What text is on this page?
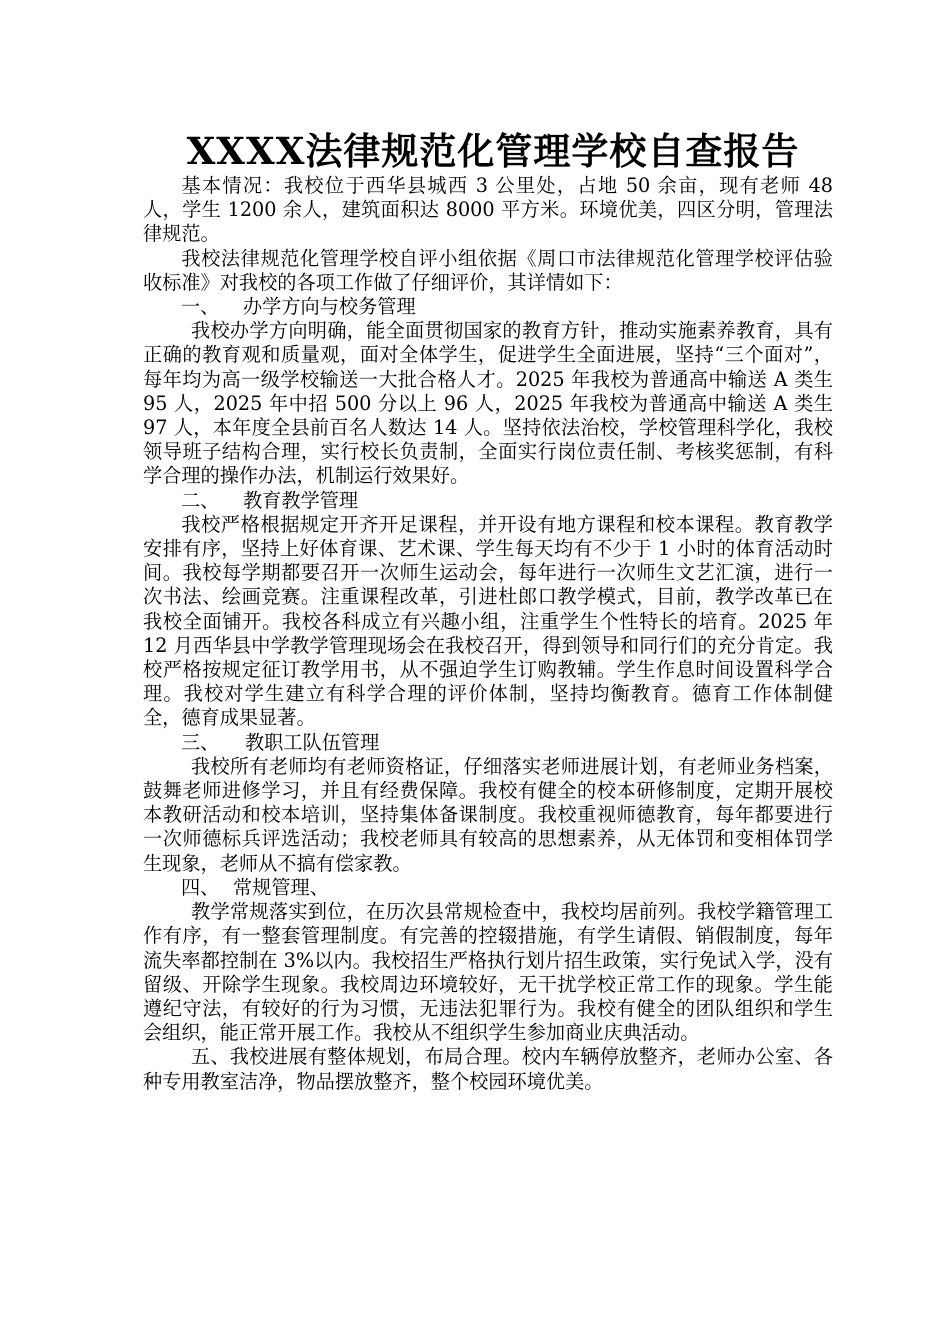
XXXX法律规范化管理学校自查报告

基本情况：我校位于西华县城西 3 公里处，占地 50 余亩，现有老师 48 人，学生 1200 余人，建筑面积达 8000 平方米。环境优美，四区分明，管理法律规范。

我校法律规范化管理学校自评小组依据《周口市法律规范化管理学校评估验收标准》对我校的各项工作做了仔细评价，其详情如下：

一、 办学方向与校务管理

我校办学方向明确，能全面贯彻国家的教育方针，推动实施素养教育，具有正确的教育观和质量观，面对全体学生，促进学生全面进展，坚持“三个面对”，每年均为高一级学校输送一大批合格人才。2025 年我校为普通高中输送 A 类生 95 人，2025 年中招 500 分以上 96 人，2025 年我校为普通高中输送 A 类生 97 人，本年度全县前百名人数达 14 人。坚持依法治校，学校管理科学化，我校领导班子结构合理，实行校长负责制，全面实行岗位责任制、考核奖惩制，有科学合理的操作办法，机制运行效果好。

二、 教育教学管理

我校严格根据规定开齐开足课程，并开设有地方课程和校本课程。教育教学安排有序，坚持上好体育课、艺术课、学生每天均有不少于 1 小时的体育活动时间。我校每学期都要召开一次师生运动会，每年进行一次师生文艺汇演，进行一次书法、绘画竞赛。注重课程改革，引进杜郎口教学模式，目前，教学改革已在我校全面铺开。我校各科成立有兴趣小组，注重学生个性特长的培育。2025 年 12 月西华县中学教学管理现场会在我校召开，得到领导和同行们的充分肯定。我校严格按规定征订教学用书，从不强迫学生订购教辅。学生作息时间设置科学合理。我校对学生建立有科学合理的评价体制，坚持均衡教育。德育工作体制健全，德育成果显著。

三、 教职工队伍管理

我校所有老师均有老师资格证，仔细落实老师进展计划，有老师业务档案，鼓舞老师进修学习，并且有经费保障。我校有健全的校本研修制度，定期开展校本教研活动和校本培训，坚持集体备课制度。我校重视师德教育，每年都要进行一次师德标兵评选活动；我校老师具有较高的思想素养，从无体罚和变相体罚学生现象，老师从不搞有偿家教。

四、 常规管理、

教学常规落实到位，在历次县常规检查中，我校均居前列。我校学籍管理工作有序，有一整套管理制度。有完善的控辍措施，有学生请假、销假制度，每年流失率都控制在 3%以内。我校招生严格执行划片招生政策，实行免试入学，没有留级、开除学生现象。我校周边环境较好，无干扰学校正常工作的现象。学生能遵纪守法，有较好的行为习惯，无违法犯罪行为。我校有健全的团队组织和学生会组织，能正常开展工作。我校从不组织学生参加商业庆典活动。

五、我校进展有整体规划，布局合理。校内车辆停放整齐，老师办公室、各种专用教室洁净，物品摆放整齐，整个校园环境优美。
